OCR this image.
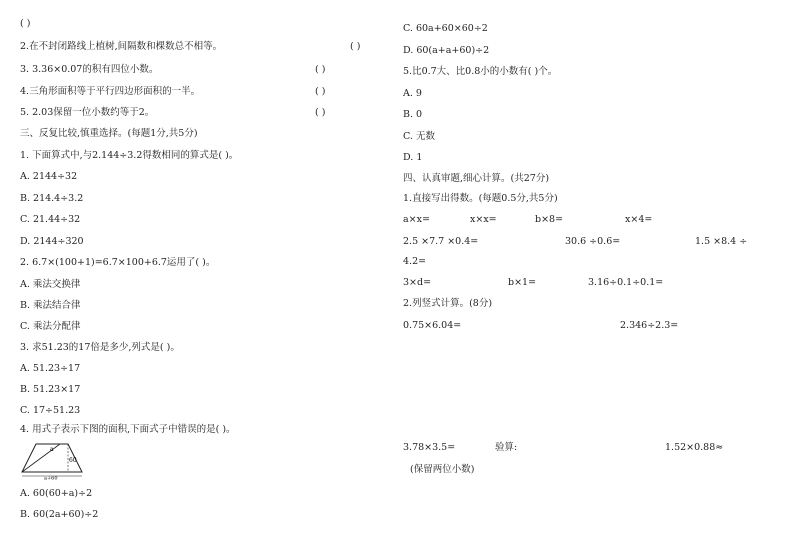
( )
2.在不封闭路线上植树,间隔数和棵数总不相等。	( )
3. 3.36×0.07的积有四位小数。	( )
4.三角形面积等于平行四边形面积的一半。	( )
5. 2.03保留一位小数约等于2。	( )
三、反复比较,慎重选择。(每题1分,共5分)
1. 下面算式中,与2.144÷3.2得数相同的算式是( )。
A. 2144÷32
B. 214.4÷3.2
C. 21.44÷32
D. 2144÷320
2. 6.7×(100+1)=6.7×100+6.7运用了( )。
A. 乘法交换律
B. 乘法结合律
C. 乘法分配律
3. 求51.23的17倍是多少,列式是( )。
A. 51.23÷17
B. 51.23×17
C. 17÷51.23
4. 用式子表示下图的面积,下面式子中错误的是( )。
a
60
a+60
A. 60(60+a)÷2
B. 60(2a+60)÷2
C. 60a+60×60÷2
D. 60(a+a+60)÷2
5.比0.7大、比0.8小的小数有( )个。
A. 9
B. 0
C. 无数
D. 1
四、认真审题,细心计算。(共27分)
1.直接写出得数。(每题0.5分,共5分)
a×x=	x×x=	b×8=	x×4=
2.5 ×7.7 ×0.4=	30.6 ÷0.6=	1.5 ×8.4 ÷
4.2=
3×d=	b×1=	3.16÷0.1÷0.1=
2.列竖式计算。(8分)
0.75×6.04=	2.346÷2.3=
3.78×3.5=	验算:	1.52×0.88≈
(保留两位小数)
